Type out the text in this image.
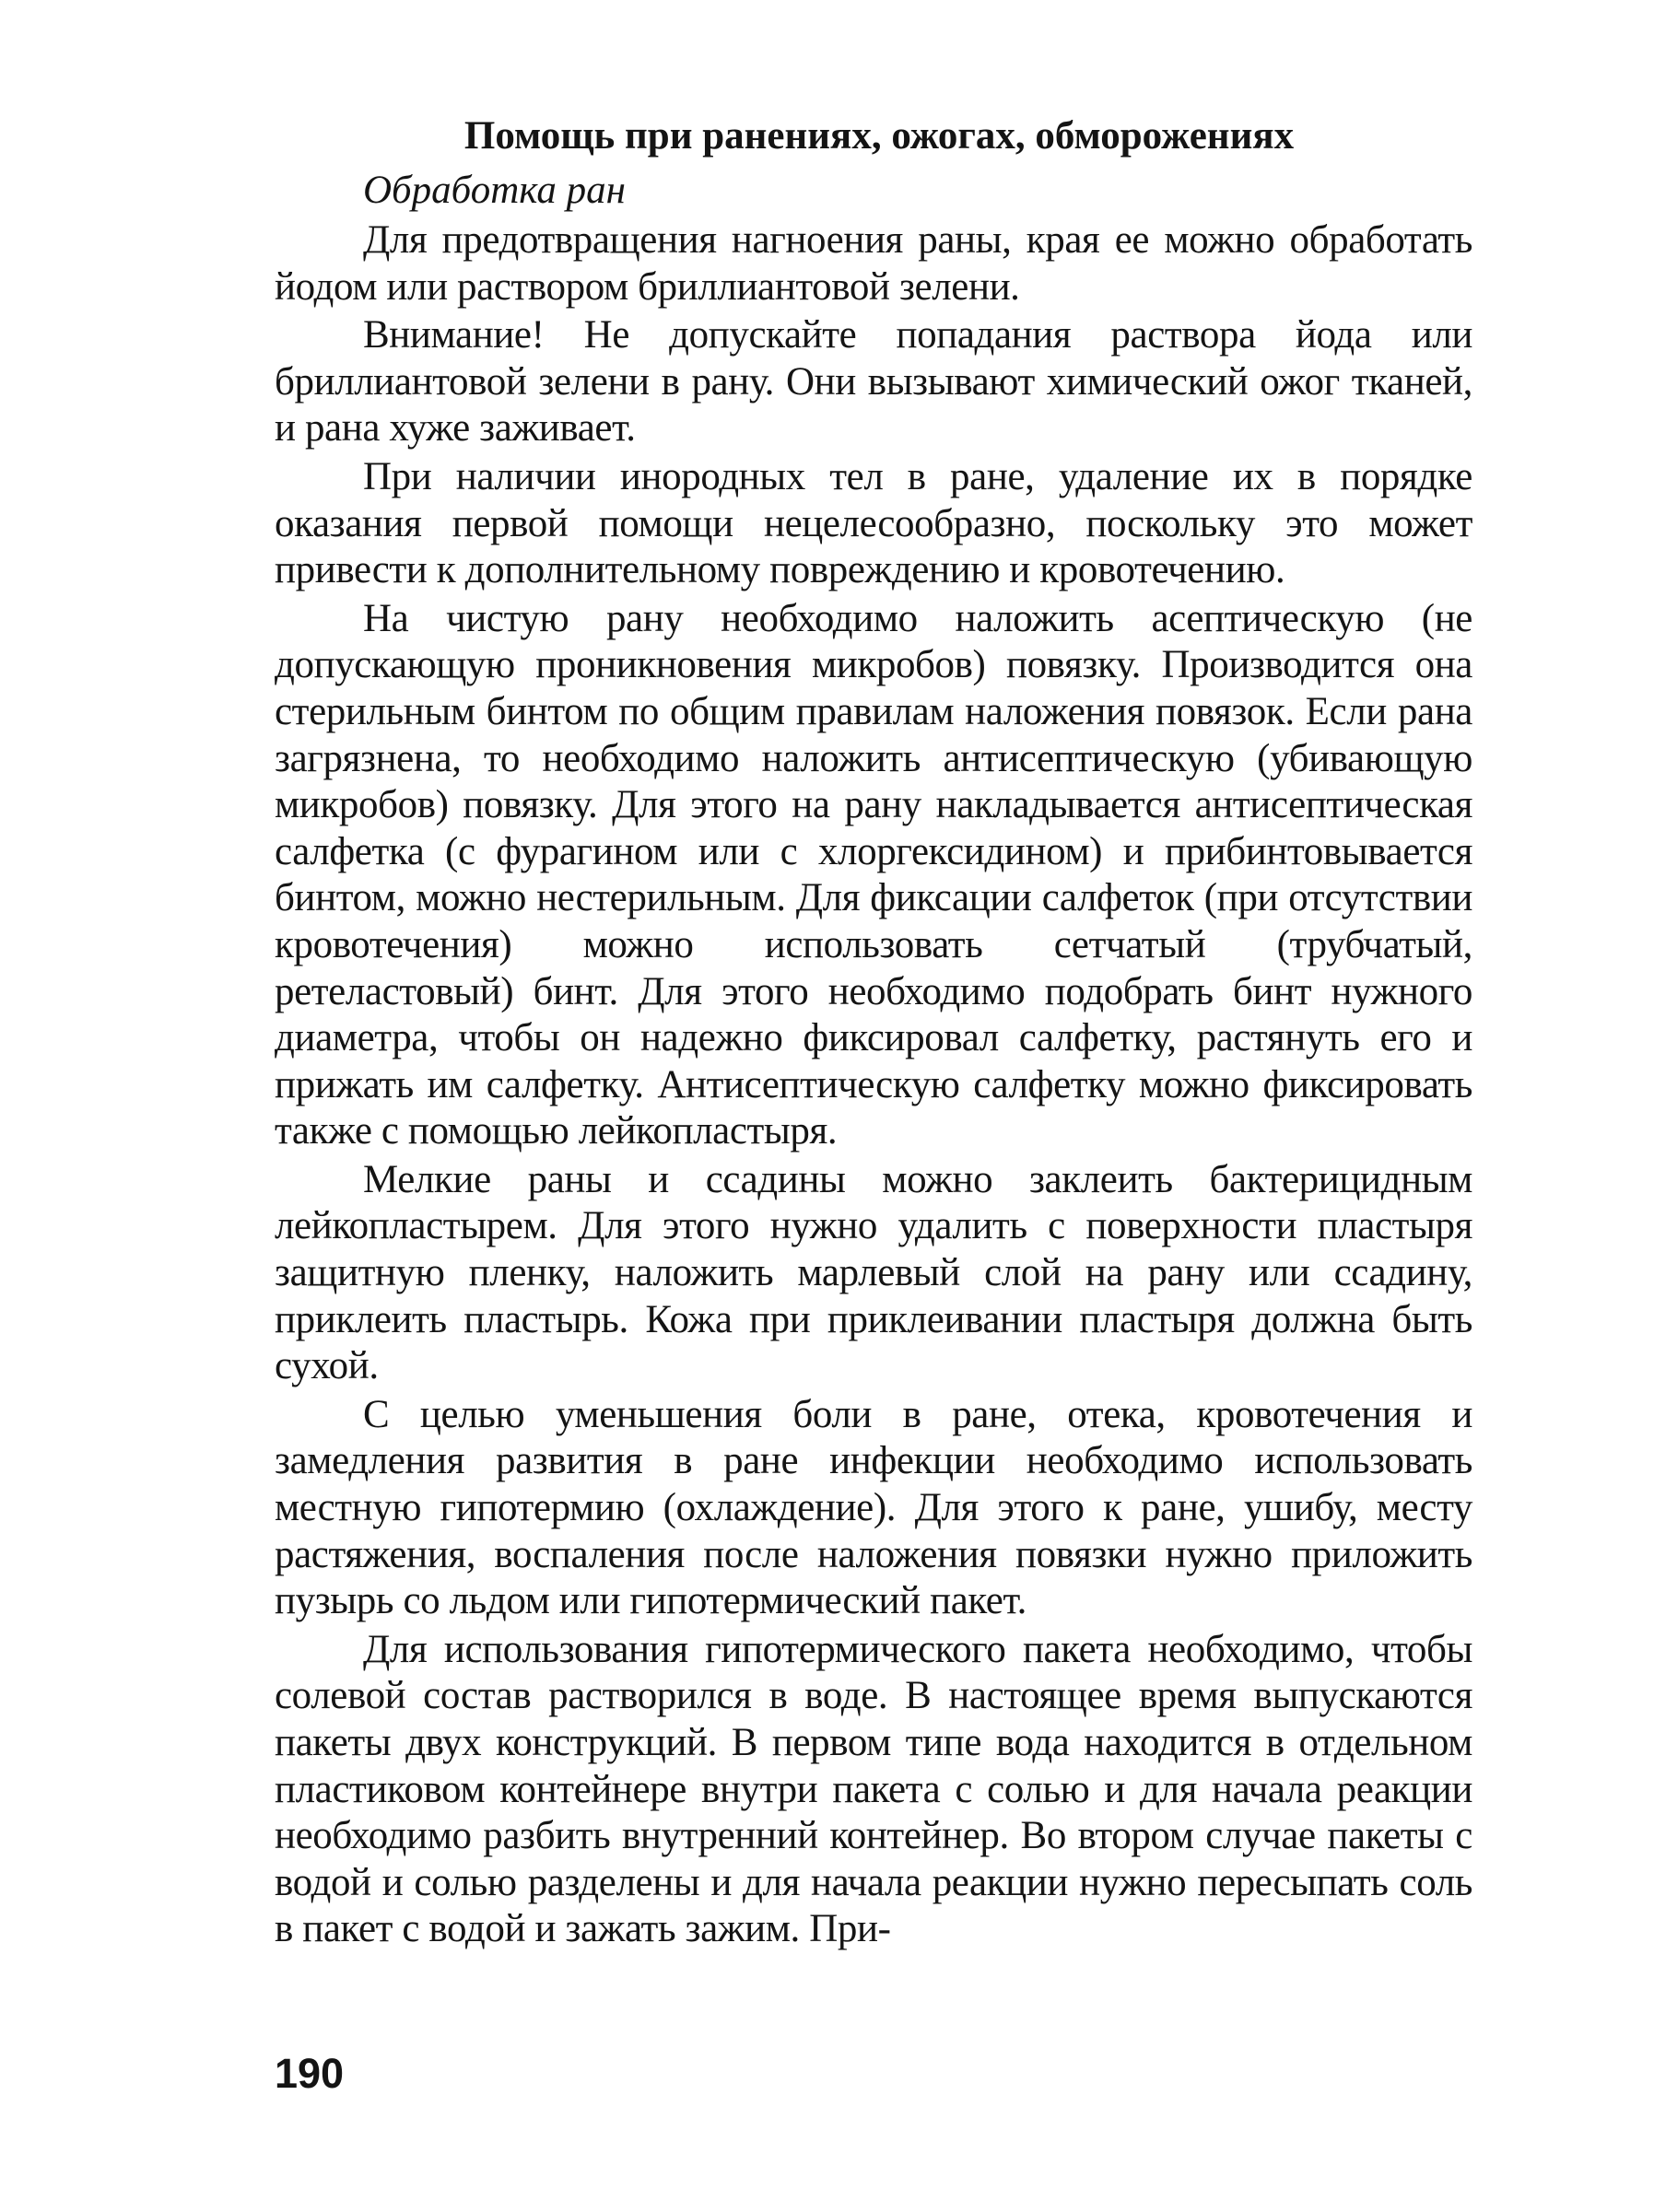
Помощь при ранениях, ожогах, обморожениях

Обработка ран

Для предотвращения нагноения раны, края ее можно обработать йодом или раствором бриллиантовой зелени.

Внимание! Не допускайте попадания раствора йода или бриллиантовой зелени в рану. Они вызывают химический ожог тканей, и рана хуже заживает.

При наличии инородных тел в ране, удаление их в порядке оказания первой помощи нецелесообразно, поскольку это может привести к дополнительному повреждению и кровотечению.

На чистую рану необходимо наложить асептическую (не допускающую проникновения микробов) повязку. Производится она стерильным бинтом по общим правилам наложения повязок. Если рана загрязнена, то необходимо наложить антисептическую (убивающую микробов) повязку. Для этого на рану накладывается антисептическая салфетка (с фурагином или с хлоргексидином) и прибинтовывается бинтом, можно нестерильным. Для фиксации салфеток (при отсутствии кровотечения) можно использовать сетчатый (трубчатый, ретеластовый) бинт. Для этого необходимо подобрать бинт нужного диаметра, чтобы он надежно фиксировал салфетку, растянуть его и прижать им салфетку. Антисептическую салфетку можно фиксировать также с помощью лейкопластыря.

Мелкие раны и ссадины можно заклеить бактерицидным лейкопластырем. Для этого нужно удалить с поверхности пластыря защитную пленку, наложить марлевый слой на рану или ссадину, приклеить пластырь. Кожа при приклеивании пластыря должна быть сухой.

С целью уменьшения боли в ране, отека, кровотечения и замедления развития в ране инфекции необходимо использовать местную гипотермию (охлаждение). Для этого к ране, ушибу, месту растяжения, воспаления после наложения повязки нужно приложить пузырь со льдом или гипотермический пакет.

Для использования гипотермического пакета необходимо, чтобы солевой состав растворился в воде. В настоящее время выпускаются пакеты двух конструкций. В первом типе вода находится в отдельном пластиковом контейнере внутри пакета с солью и для начала реакции необходимо разбить внутренний контейнер. Во втором случае пакеты с водой и солью разделены и для начала реакции нужно пересыпать соль в пакет с водой и зажать зажим. При-

190
